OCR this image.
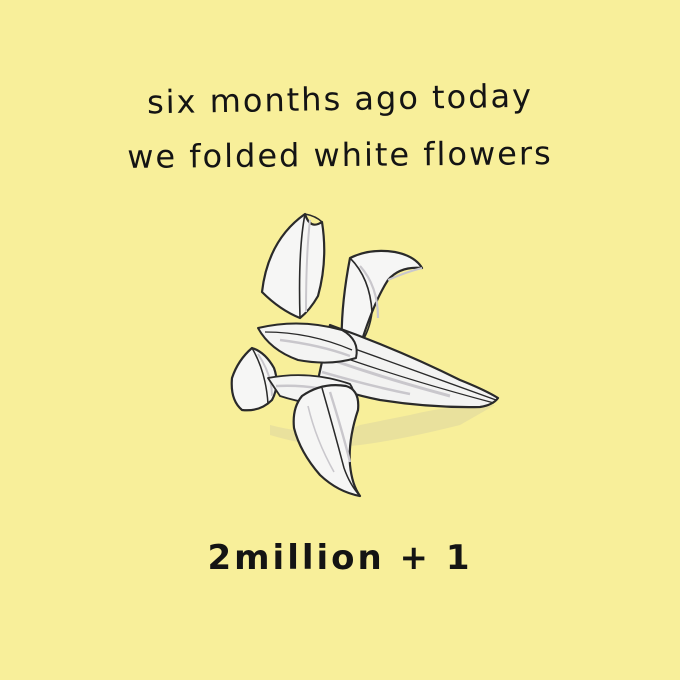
six months ago today
we folded white flowers
2million + 1
